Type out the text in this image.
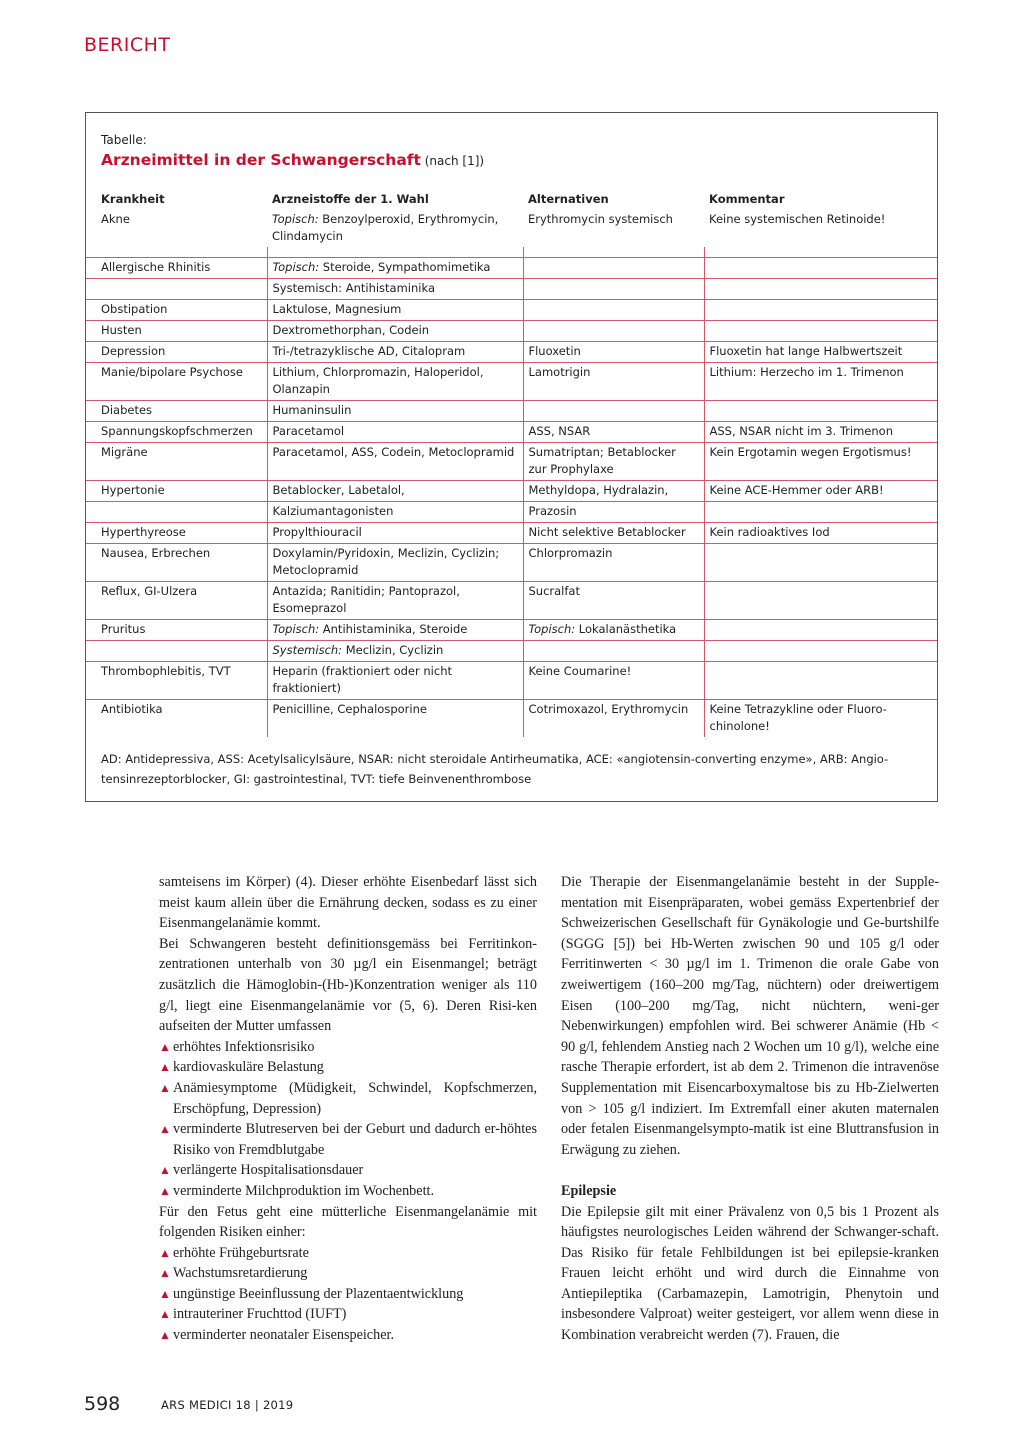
BERICHT
Tabelle:
Arzneimittel in der Schwangerschaft (nach [1])
Krankheit	Arzneistoffe der 1. Wahl	Alternativen	Kommentar
Akne	Topisch: Benzoylperoxid, Erythromycin, Clindamycin	Erythromycin systemisch	Keine systemischen Retinoide!

Allergische Rhinitis	Topisch: Steroide, Sympathomimetika		
	Systemisch: Antihistaminika		
Obstipation	Laktulose, Magnesium		
Husten	Dextromethorphan, Codein		
Depression	Tri-/tetrazyklische AD, Citalopram	Fluoxetin	Fluoxetin hat lange Halbwertszeit
Manie/bipolare Psychose	Lithium, Chlorpromazin, Haloperidol, Olanzapin	Lamotrigin	Lithium: Herzecho im 1. Trimenon
Diabetes	Humaninsulin		
Spannungskopfschmerzen	Paracetamol	ASS, NSAR	ASS, NSAR nicht im 3. Trimenon
Migräne	Paracetamol, ASS, Codein, Metoclopramid	Sumatriptan; Betablocker zur Prophylaxe	Kein Ergotamin wegen Ergotismus!
Hypertonie	Betablocker, Labetalol,	Methyldopa, Hydralazin,	Keine ACE-Hemmer oder ARB!
	Kalziumantagonisten	Prazosin	
Hyperthyreose	Propylthiouracil	Nicht selektive Betablocker	Kein radioaktives Iod
Nausea, Erbrechen	Doxylamin/Pyridoxin, Meclizin, Cyclizin; Metoclopramid	Chlorpromazin	
Reflux, GI-Ulzera	Antazida; Ranitidin; Pantoprazol, Esomeprazol	Sucralfat	
Pruritus	Topisch: Antihistaminika, Steroide	Topisch: Lokalanästhetika	
	Systemisch: Meclizin, Cyclizin		
Thrombophlebitis, TVT	Heparin (fraktioniert oder nicht fraktioniert)	Keine Coumarine!	
Antibiotika	Penicilline, Cephalosporine	Cotrimoxazol, Erythromycin	Keine Tetrazykline oder Fluoro-chinolone!
AD: Antidepressiva, ASS: Acetylsalicylsäure, NSAR: nicht steroidale Antirheumatika, ACE: «angiotensin-converting enzyme», ARB: Angio-tensinrezeptorblocker, GI: gastrointestinal, TVT: tiefe Beinvenenthrombose

samteisens im Körper) (4). Dieser erhöhte Eisenbedarf lässt sich meist kaum allein über die Ernährung decken, sodass es zu einer Eisenmangelanämie kommt.

Bei Schwangeren besteht definitionsgemäss bei Ferritinkon-zentrationen unterhalb von 30 µg/l ein Eisenmangel; beträgt zusätzlich die Hämoglobin-(Hb-)Konzentration weniger als 110 g/l, liegt eine Eisenmangelanämie vor (5, 6). Deren Risi-ken aufseiten der Mutter umfassen

▲ erhöhtes Infektionsrisiko
▲ kardiovaskuläre Belastung
▲ Anämiesymptome (Müdigkeit, Schwindel, Kopfschmerzen, Erschöpfung, Depression)
▲ verminderte Blutreserven bei der Geburt und dadurch er-höhtes Risiko von Fremdblutgabe
▲ verlängerte Hospitalisationsdauer
▲ verminderte Milchproduktion im Wochenbett.

Für den Fetus geht eine mütterliche Eisenmangelanämie mit folgenden Risiken einher:

▲ erhöhte Frühgeburtsrate
▲ Wachstumsretardierung
▲ ungünstige Beeinflussung der Plazentaentwicklung
▲ intrauteriner Fruchttod (IUFT)
▲ verminderter neonataler Eisenspeicher.

Die Therapie der Eisenmangelanämie besteht in der Supple-mentation mit Eisenpräparaten, wobei gemäss Expertenbrief der Schweizerischen Gesellschaft für Gynäkologie und Ge-burtshilfe (SGGG [5]) bei Hb-Werten zwischen 90 und 105 g/l oder Ferritinwerten < 30 µg/l im 1. Trimenon die orale Gabe von zweiwertigem (160–200 mg/Tag, nüchtern) oder dreiwertigem Eisen (100–200 mg/Tag, nicht nüchtern, weni-ger Nebenwirkungen) empfohlen wird. Bei schwerer Anämie (Hb < 90 g/l, fehlendem Anstieg nach 2 Wochen um 10 g/l), welche eine rasche Therapie erfordert, ist ab dem 2. Trimenon die intravenöse Supplementation mit Eisencarboxymaltose bis zu Hb-Zielwerten von > 105 g/l indiziert. Im Extremfall einer akuten maternalen oder fetalen Eisenmangelsympto-matik ist eine Bluttransfusion in Erwägung zu ziehen.

Epilepsie

Die Epilepsie gilt mit einer Prävalenz von 0,5 bis 1 Prozent als häufigstes neurologisches Leiden während der Schwanger-schaft. Das Risiko für fetale Fehlbildungen ist bei epilepsie-kranken Frauen leicht erhöht und wird durch die Einnahme von Antiepileptika (Carbamazepin, Lamotrigin, Phenytoin und insbesondere Valproat) weiter gesteigert, vor allem wenn diese in Kombination verabreicht werden (7). Frauen, die

598	ARS MEDICI 18 | 2019
